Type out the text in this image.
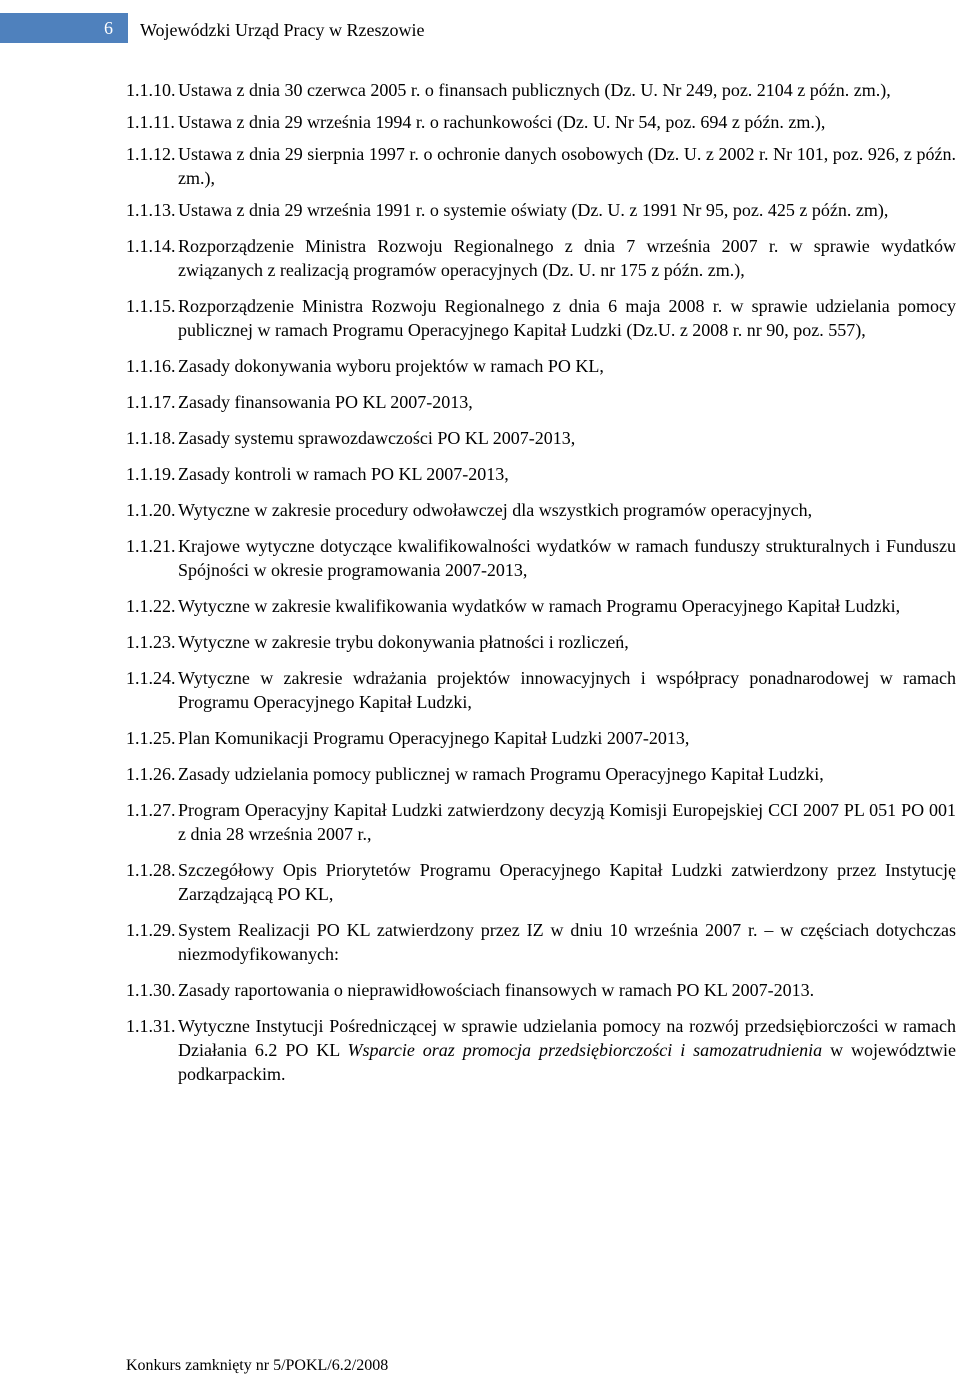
6 Wojewódzki Urząd Pracy w Rzeszowie
1.1.10. Ustawa z dnia 30 czerwca 2005 r. o finansach publicznych (Dz. U. Nr 249, poz. 2104 z późn. zm.),
1.1.11. Ustawa z dnia 29 września 1994 r. o rachunkowości (Dz. U. Nr 54, poz. 694 z późn. zm.),
1.1.12. Ustawa z dnia 29 sierpnia 1997 r. o ochronie danych osobowych (Dz. U. z 2002 r. Nr 101, poz. 926, z późn. zm.),
1.1.13. Ustawa z dnia 29 września 1991 r. o systemie oświaty (Dz. U. z 1991 Nr 95, poz. 425 z późn. zm),
1.1.14. Rozporządzenie Ministra Rozwoju Regionalnego z dnia 7 września 2007 r. w sprawie wydatków związanych z realizacją programów operacyjnych (Dz. U. nr 175 z późn. zm.),
1.1.15. Rozporządzenie Ministra Rozwoju Regionalnego z dnia 6 maja 2008 r. w sprawie udzielania pomocy publicznej w ramach Programu Operacyjnego Kapitał Ludzki (Dz.U. z 2008 r. nr 90, poz. 557),
1.1.16. Zasady dokonywania wyboru projektów w ramach PO KL,
1.1.17. Zasady finansowania PO KL 2007-2013,
1.1.18. Zasady systemu sprawozdawczości PO KL 2007-2013,
1.1.19. Zasady kontroli w ramach PO KL 2007-2013,
1.1.20. Wytyczne w zakresie procedury odwoławczej dla wszystkich programów operacyjnych,
1.1.21. Krajowe wytyczne dotyczące kwalifikowalności wydatków w ramach funduszy strukturalnych i Funduszu Spójności w okresie programowania 2007-2013,
1.1.22. Wytyczne w zakresie kwalifikowania wydatków w ramach Programu Operacyjnego Kapitał Ludzki,
1.1.23. Wytyczne w zakresie trybu dokonywania płatności i rozliczeń,
1.1.24. Wytyczne w zakresie wdrażania projektów innowacyjnych i współpracy ponadnarodowej w ramach Programu Operacyjnego Kapitał Ludzki,
1.1.25. Plan Komunikacji Programu Operacyjnego Kapitał Ludzki 2007-2013,
1.1.26. Zasady udzielania pomocy publicznej w ramach Programu Operacyjnego Kapitał Ludzki,
1.1.27. Program Operacyjny Kapitał Ludzki zatwierdzony decyzją Komisji Europejskiej CCI 2007 PL 051 PO 001 z dnia 28 września 2007 r.,
1.1.28. Szczegółowy Opis Priorytetów Programu Operacyjnego Kapitał Ludzki zatwierdzony przez Instytucję Zarządzającą PO KL,
1.1.29. System Realizacji PO KL zatwierdzony przez IZ w dniu 10 września 2007 r. – w częściach dotychczas niezmodyfikowanych:
1.1.30. Zasady raportowania o nieprawidłowościach finansowych w ramach PO KL 2007-2013.
1.1.31. Wytyczne Instytucji Pośredniczącej w sprawie udzielania pomocy na rozwój przedsiębiorczości w ramach Działania 6.2 PO KL Wsparcie oraz promocja przedsiębiorczości i samozatrudnienia w województwie podkarpackim.
Konkurs zamknięty nr 5/POKL/6.2/2008
